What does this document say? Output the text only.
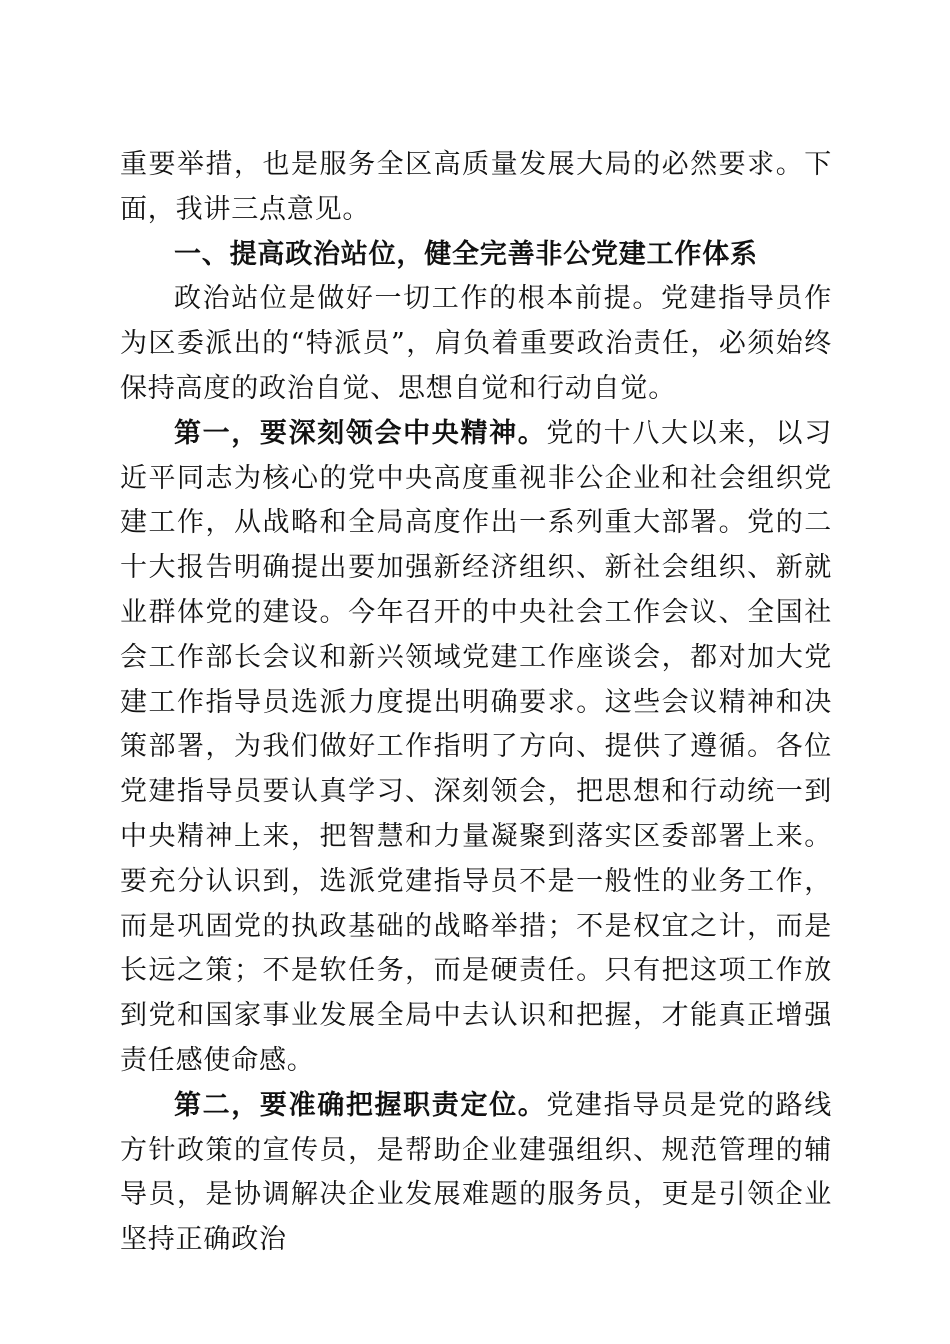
重要举措，也是服务全区高质量发展大局的必然要求。下面，我讲三点意见。

一、提高政治站位，健全完善非公党建工作体系

政治站位是做好一切工作的根本前提。党建指导员作为区委派出的“特派员”，肩负着重要政治责任，必须始终保持高度的政治自觉、思想自觉和行动自觉。

第一，要深刻领会中央精神。党的十八大以来，以习近平同志为核心的党中央高度重视非公企业和社会组织党建工作，从战略和全局高度作出一系列重大部署。党的二十大报告明确提出要加强新经济组织、新社会组织、新就业群体党的建设。今年召开的中央社会工作会议、全国社会工作部长会议和新兴领域党建工作座谈会，都对加大党建工作指导员选派力度提出明确要求。这些会议精神和决策部署，为我们做好工作指明了方向、提供了遵循。各位党建指导员要认真学习、深刻领会，把思想和行动统一到中央精神上来，把智慧和力量凝聚到落实区委部署上来。要充分认识到，选派党建指导员不是一般性的业务工作，而是巩固党的执政基础的战略举措；不是权宜之计，而是长远之策；不是软任务，而是硬责任。只有把这项工作放到党和国家事业发展全局中去认识和把握，才能真正增强责任感使命感。

第二，要准确把握职责定位。党建指导员是党的路线方针政策的宣传员，是帮助企业建强组织、规范管理的辅导员，是协调解决企业发展难题的服务员，更是引领企业坚持正确政治
